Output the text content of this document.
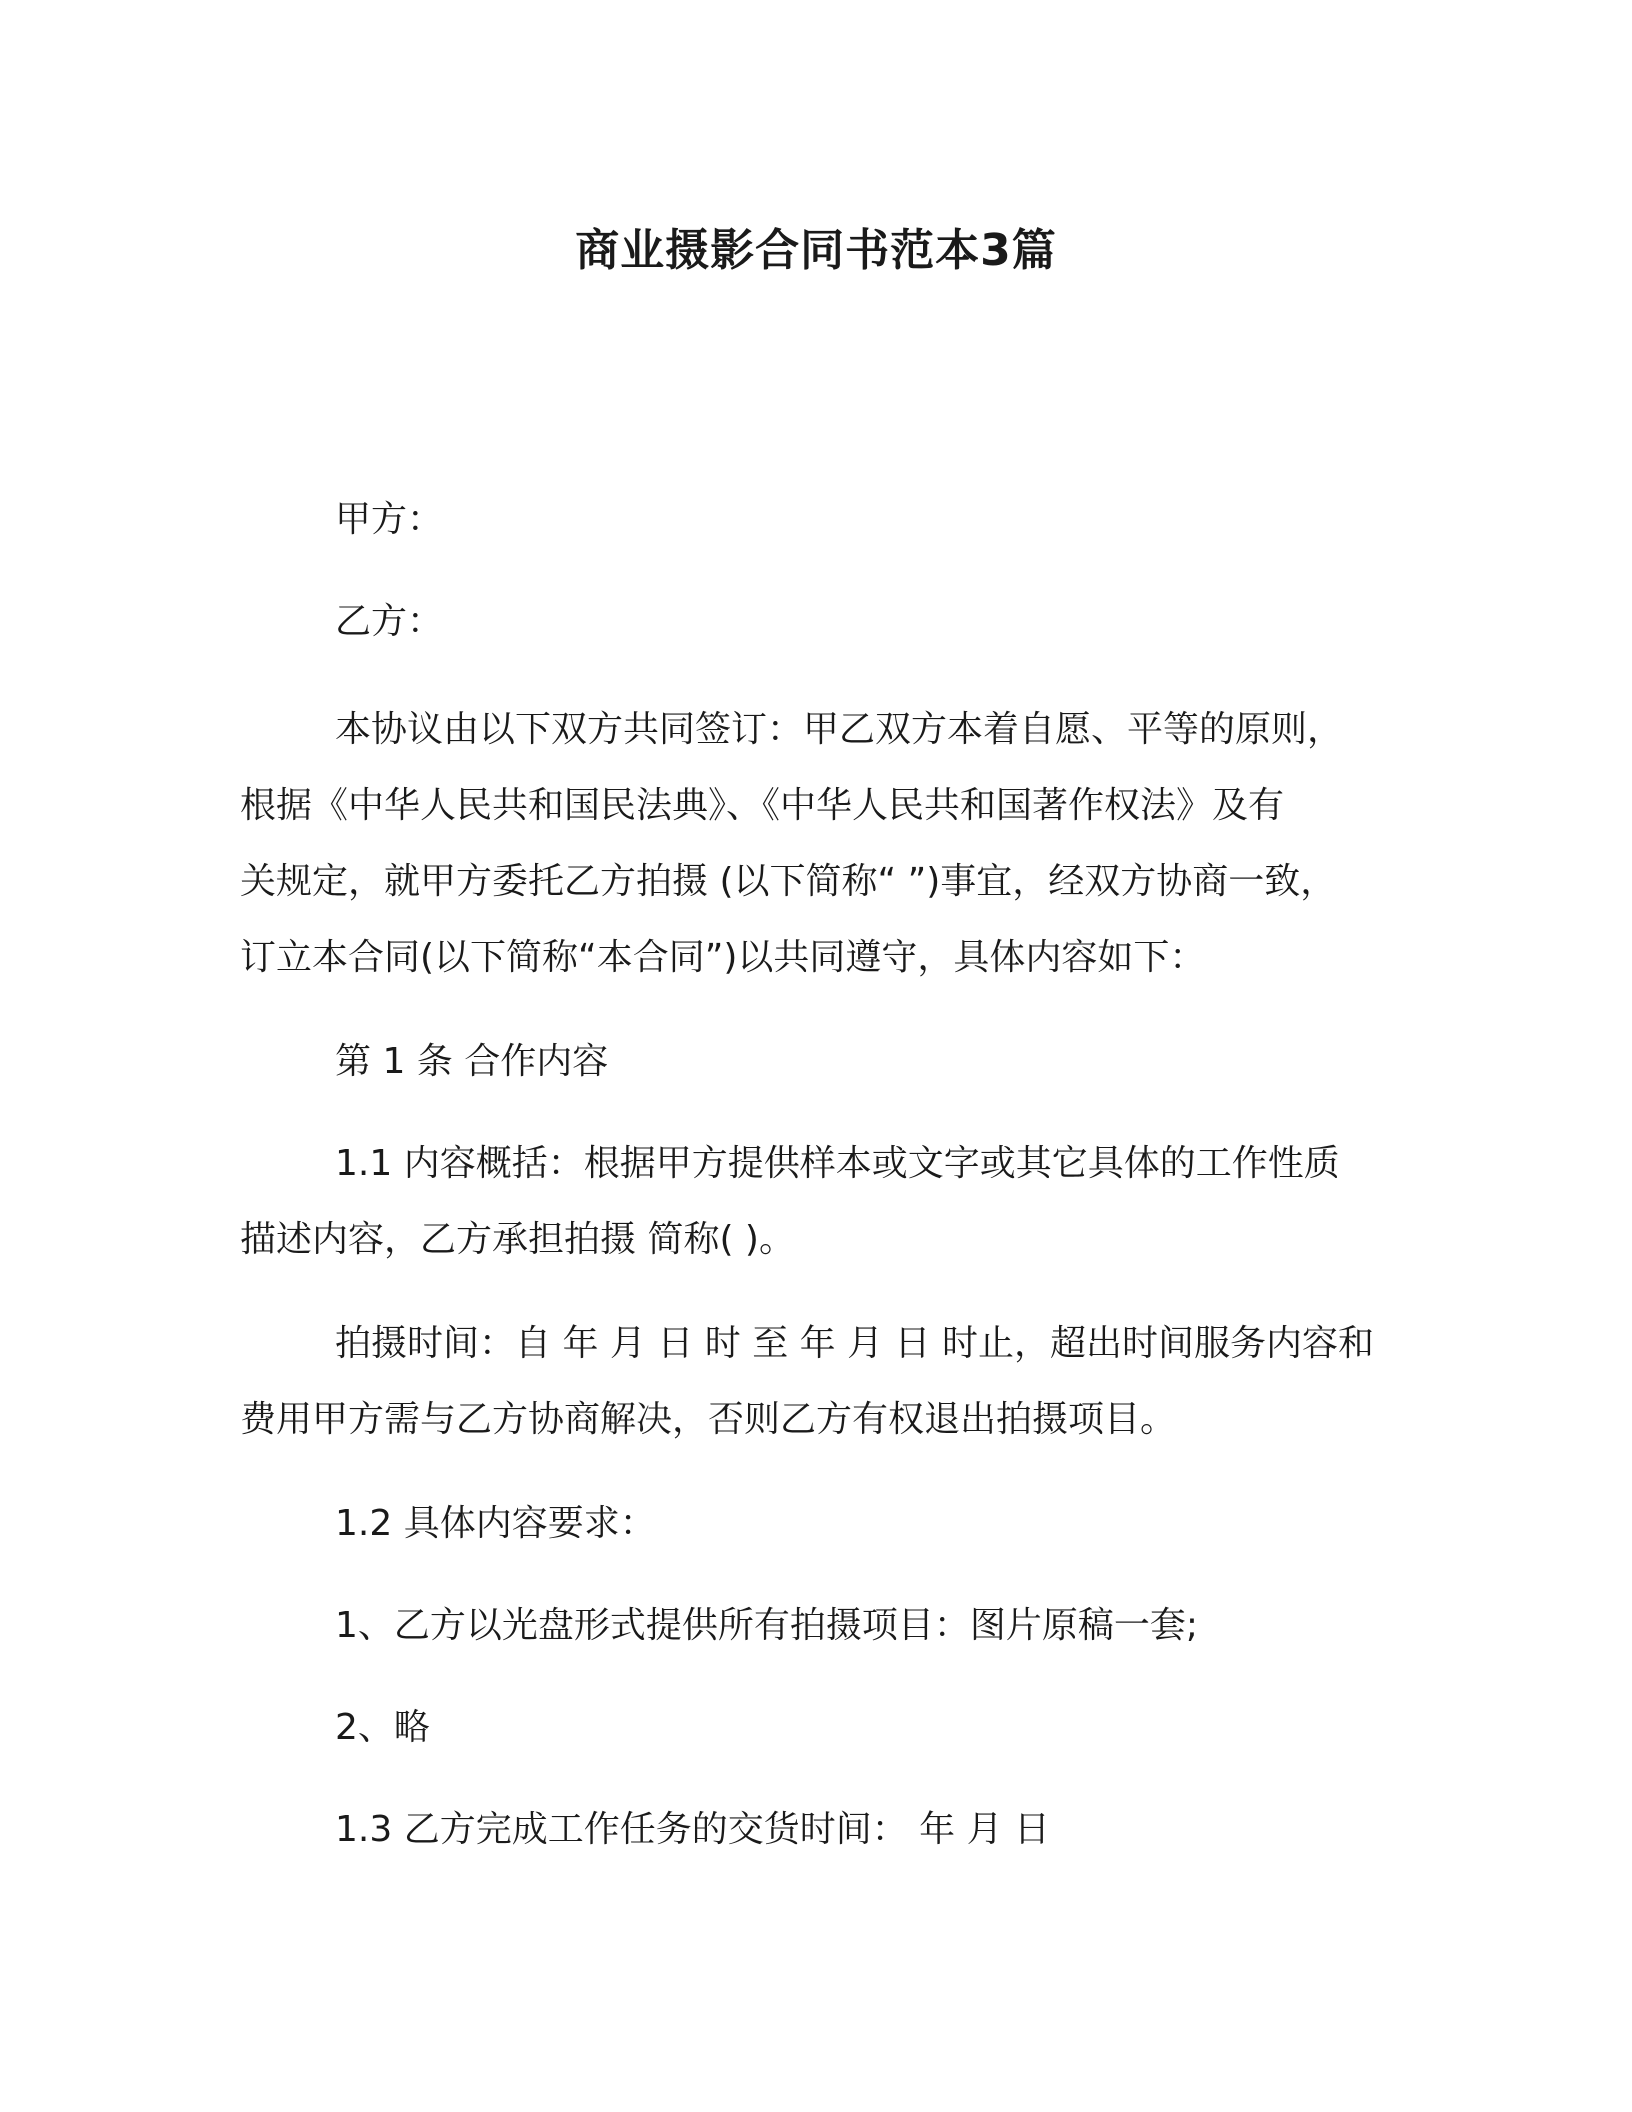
商业摄影合同书范本3篇
甲方：
乙方：
本协议由以下双方共同签订：甲乙双方本着自愿、平等的原则，
根据《中华人民共和国民法典》、《中华人民共和国著作权法》及有
关规定，就甲方委托乙方拍摄 (以下简称“ ”)事宜，经双方协商一致，
订立本合同(以下简称“本合同”)以共同遵守，具体内容如下：
第 1 条 合作内容
1.1 内容概括：根据甲方提供样本或文字或其它具体的工作性质
描述内容，乙方承担拍摄 简称( )。
拍摄时间：自 年 月 日 时 至 年 月 日 时止，超出时间服务内容和
费用甲方需与乙方协商解决，否则乙方有权退出拍摄项目。
1.2 具体内容要求：
1、乙方以光盘形式提供所有拍摄项目：图片原稿一套;
2、略
1.3 乙方完成工作任务的交货时间： 年 月 日
